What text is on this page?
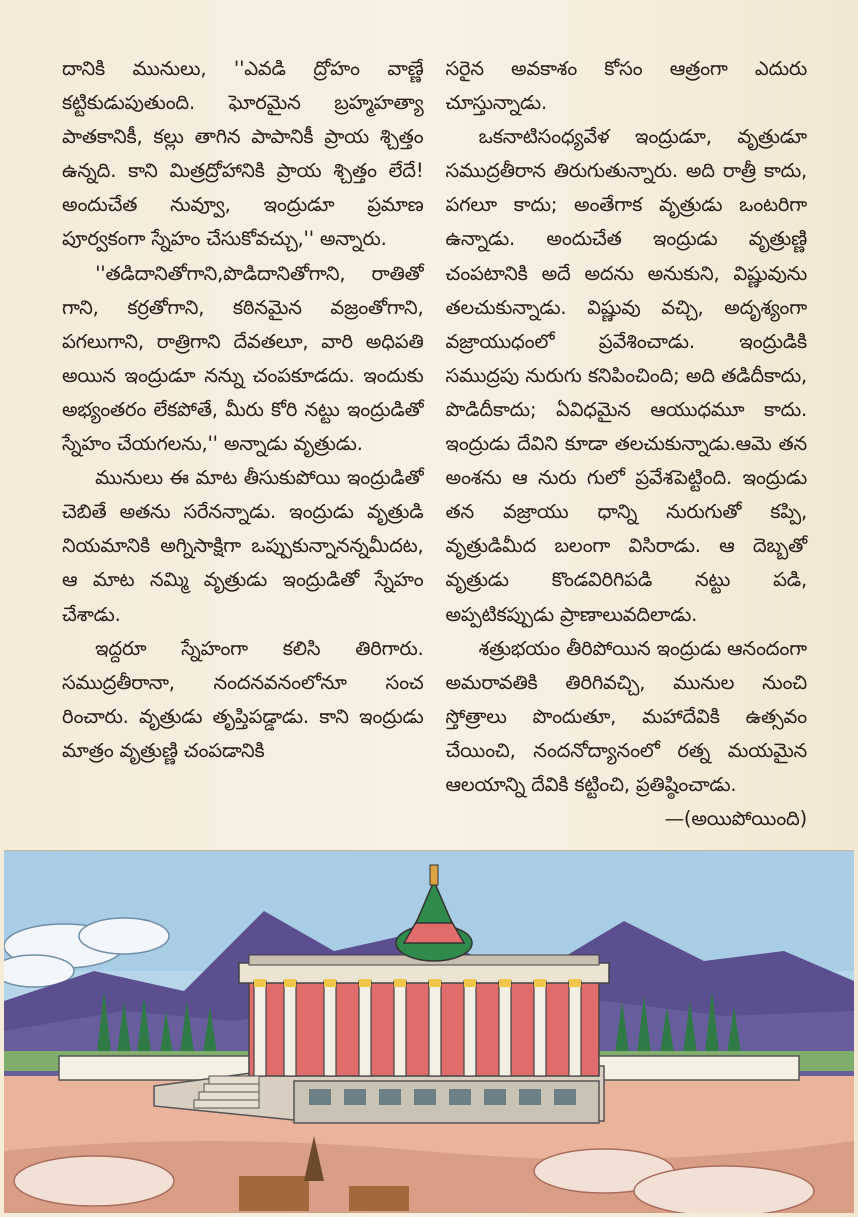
దానికి మునులు, ''ఎవడి ద్రోహం వాణ్ణే కట్టికుడుపుతుంది. ఘోరమైన బ్రహ్మహత్యా పాతకానికీ, కల్లు తాగిన పాపానికీ ప్రాయ శ్చిత్తం ఉన్నది. కాని మిత్రద్రోహానికి ప్రాయ శ్చిత్తం లేదే! అందుచేత నువ్వూ, ఇంద్రుడూ ప్రమాణ పూర్వకంగా స్నేహం చేసుకోవచ్చు,'' అన్నారు.

''తడిదానితోగాని,పొడిదానితోగాని, రాతితో గాని, కర్రతోగాని, కఠినమైన వజ్రంతోగాని, పగలుగాని, రాత్రిగాని దేవతలూ, వారి అధిపతి అయిన ఇంద్రుడూ నన్ను చంపకూడదు. ఇందుకు అభ్యంతరం లేకపోతే, మీరు కోరి నట్టు ఇంద్రుడితో స్నేహం చేయగలను,'' అన్నాడు వృత్రుడు.

మునులు ఈ మాట తీసుకుపోయి ఇంద్రుడితో చెబితే అతను సరేనన్నాడు. ఇంద్రుడు వృత్రుడి నియమానికి అగ్నిసాక్షిగా ఒప్పుకున్నానన్నమీదట, ఆ మాట నమ్మి వృత్రుడు ఇంద్రుడితో స్నేహం చేశాడు.

ఇద్దరూ స్నేహంగా కలిసి తిరిగారు. సముద్రతీరానా, నందనవనంలోనూ సంచ రించారు. వృత్రుడు తృప్తిపడ్డాడు. కాని ఇంద్రుడు మాత్రం వృత్రుణ్ణి చంపడానికి

సరైన అవకాశం కోసం ఆత్రంగా ఎదురు చూస్తున్నాడు.

ఒకనాటిసంధ్యవేళ ఇంద్రుడూ, వృత్రుడూ సముద్రతీరాన తిరుగుతున్నారు. అది రాత్రీ కాదు, పగలూ కాదు; అంతేగాక వృత్రుడు ఒంటరిగా ఉన్నాడు. అందుచేత ఇంద్రుడు వృత్రుణ్ణి చంపటానికి అదే అదను అనుకుని, విష్ణువును తలచుకున్నాడు. విష్ణువు వచ్చి, అదృశ్యంగా వజ్రాయుధంలో ప్రవేశించాడు. ఇంద్రుడికి సముద్రపు నురుగు కనిపించింది; అది తడిదీకాదు, పొడిదీకాదు; ఏవిధమైన ఆయుధమూ కాదు. ఇంద్రుడు దేవిని కూడా తలచుకున్నాడు.ఆమె తన అంశను ఆ నురు గులో ప్రవేశపెట్టింది. ఇంద్రుడు తన వజ్రాయు ధాన్ని నురుగుతో కప్పి, వృత్రుడిమీద బలంగా విసిరాడు. ఆ దెబ్బతో వృత్రుడు కొండవిరిగిపడి నట్టు పడి, అప్పటికప్పుడు ప్రాణాలువదిలాడు.

శత్రుభయం తీరిపోయిన ఇంద్రుడు ఆనందంగా అమరావతికి తిరిగివచ్చి, మునుల నుంచి స్తోత్రాలు పొందుతూ, మహాదేవికి ఉత్సవం చేయించి, నందనోద్యానంలో రత్న మయమైన ఆలయాన్ని దేవికి కట్టించి, ప్రతిష్ఠించాడు.

—(అయిపోయింది)
